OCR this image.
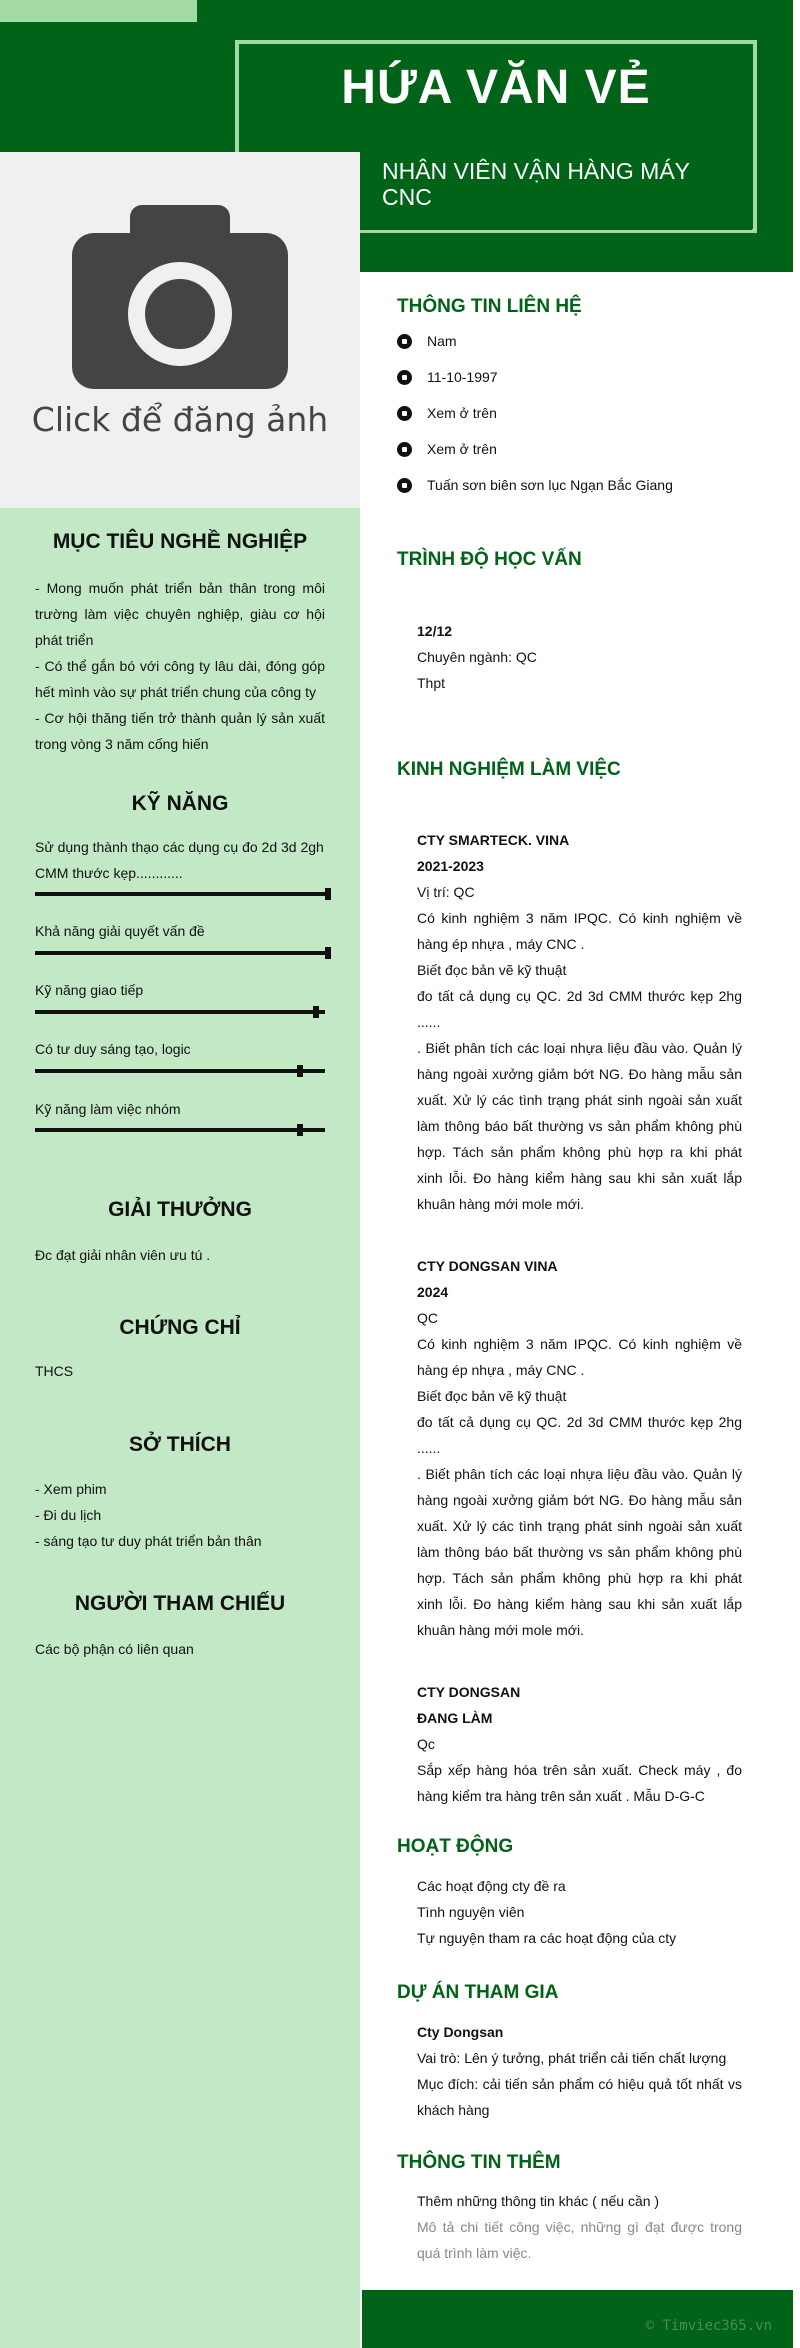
HỨA VĂN VẺ
NHÂN VIÊN VẬN HÀNG MÁY CNC
Click để đăng ảnh
MỤC TIÊU NGHỀ NGHIỆP
- Mong muốn phát triển bản thân trong môi trường làm việc chuyên nghiệp, giàu cơ hội phát triển
- Có thể gắn bó với công ty lâu dài, đóng góp hết mình vào sự phát triển chung của công ty
- Cơ hội thăng tiến trở thành quản lý sản xuất trong vòng 3 năm cống hiến
KỸ NĂNG
Sử dụng thành thạo các dụng cụ đo 2d 3d 2gh CMM thước kẹp............
Khả năng giải quyết vấn đề
Kỹ năng giao tiếp
Có tư duy sáng tạo, logic
Kỹ năng làm việc nhóm
GIẢI THƯỞNG
Đc đạt giải nhân viên ưu tú .
CHỨNG CHỈ
THCS
SỞ THÍCH
- Xem phim
- Đi du lịch
- sáng tạo tư duy phát triển bản thân
NGƯỜI THAM CHIẾU
Các bộ phận có liên quan
THÔNG TIN LIÊN HỆ
Nam
11-10-1997
Xem ở trên
Xem ở trên
Tuấn sơn biên sơn lục Ngạn Bắc Giang
TRÌNH ĐỘ HỌC VẤN
12/12
Chuyên ngành: QC
Thpt
KINH NGHIỆM LÀM VIỆC
CTY SMARTECK. VINA
2021-2023
Vị trí: QC
Có kinh nghiệm 3 năm IPQC. Có kinh nghiệm về hàng ép nhựa , máy CNC .
Biết đọc bản vẽ kỹ thuật
đo tất cả dụng cụ QC. 2d 3d CMM thước kẹp 2hg ......
. Biết phân tích các loại nhựa liệu đầu vào. Quản lý hàng ngoài xưởng giảm bớt NG. Đo hàng mẫu sản xuất. Xử lý các tình trạng phát sinh ngoài sản xuất làm thông báo bất thường vs sản phẩm không phù hợp. Tách sản phẩm không phù hợp ra khi phát xinh lỗi. Đo hàng kiểm hàng sau khi sản xuất lắp khuân hàng mới mole mới.
CTY DONGSAN VINA
2024
QC
Có kinh nghiệm 3 năm IPQC. Có kinh nghiệm về hàng ép nhựa , máy CNC .
Biết đọc bản vẽ kỹ thuật
đo tất cả dụng cụ QC. 2d 3d CMM thước kẹp 2hg ......
. Biết phân tích các loại nhựa liệu đầu vào. Quản lý hàng ngoài xưởng giảm bớt NG. Đo hàng mẫu sản xuất. Xử lý các tình trạng phát sinh ngoài sản xuất làm thông báo bất thường vs sản phẩm không phù hợp. Tách sản phẩm không phù hợp ra khi phát xinh lỗi. Đo hàng kiểm hàng sau khi sản xuất lắp khuân hàng mới mole mới.
CTY DONGSAN
ĐANG LÀM
Qc
Sắp xếp hàng hóa trên sản xuất. Check máy , đo hàng kiểm tra hàng trên sản xuất . Mẫu D-G-C
HOẠT ĐỘNG
Các hoạt động cty đề ra
Tình nguyện viên
Tự nguyện tham ra các hoạt động của cty
DỰ ÁN THAM GIA
Cty Dongsan
Vai trò: Lên ý tưởng, phát triển cải tiến chất lượng
Mục đích: cải tiến sản phẩm có hiệu quả tốt nhất vs khách hàng
THÔNG TIN THÊM
Thêm những thông tin khác ( nếu cần )
Mô tả chi tiết công việc, những gì đạt được trong quá trình làm việc.
© Timviec365.vn
